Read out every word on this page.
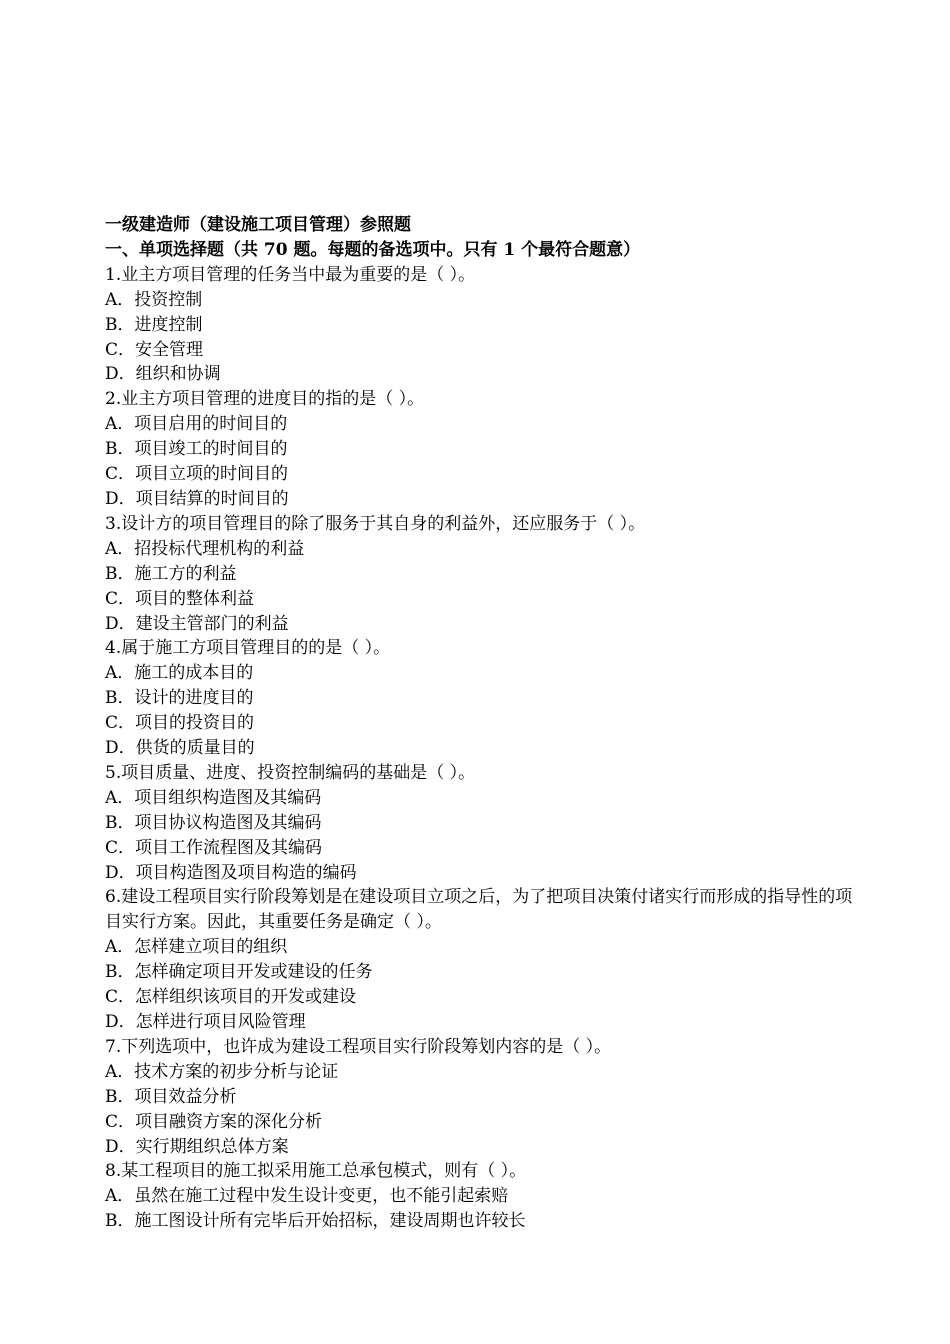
一级建造师（建设施工项目管理）参照题
一、单项选择题（共 70 题。每题的备选项中。只有 1 个最符合题意）
1.业主方项目管理的任务当中最为重要的是（ ）。
A．投资控制
B．进度控制
C．安全管理
D．组织和协调
2.业主方项目管理的进度目的指的是（ ）。
A．项目启用的时间目的
B．项目竣工的时间目的
C．项目立项的时间目的
D．项目结算的时间目的
3.设计方的项目管理目的除了服务于其自身的利益外，还应服务于（ ）。
A．招投标代理机构的利益
B．施工方的利益
C．项目的整体利益
D．建设主管部门的利益
4.属于施工方项目管理目的的是（ ）。
A．施工的成本目的
B．设计的进度目的
C．项目的投资目的
D．供货的质量目的
5.项目质量、进度、投资控制编码的基础是（ ）。
A．项目组织构造图及其编码
B．项目协议构造图及其编码
C．项目工作流程图及其编码
D．项目构造图及项目构造的编码
6.建设工程项目实行阶段筹划是在建设项目立项之后，为了把项目决策付诸实行而形成的指导性的项目实行方案。因此，其重要任务是确定（ ）。
A．怎样建立项目的组织
B．怎样确定项目开发或建设的任务
C．怎样组织该项目的开发或建设
D．怎样进行项目风险管理
7.下列选项中，也许成为建设工程项目实行阶段筹划内容的是（ ）。
A．技术方案的初步分析与论证
B．项目效益分析
C．项目融资方案的深化分析
D．实行期组织总体方案
8.某工程项目的施工拟采用施工总承包模式，则有（ ）。
A．虽然在施工过程中发生设计变更，也不能引起索赔
B．施工图设计所有完毕后开始招标，建设周期也许较长
